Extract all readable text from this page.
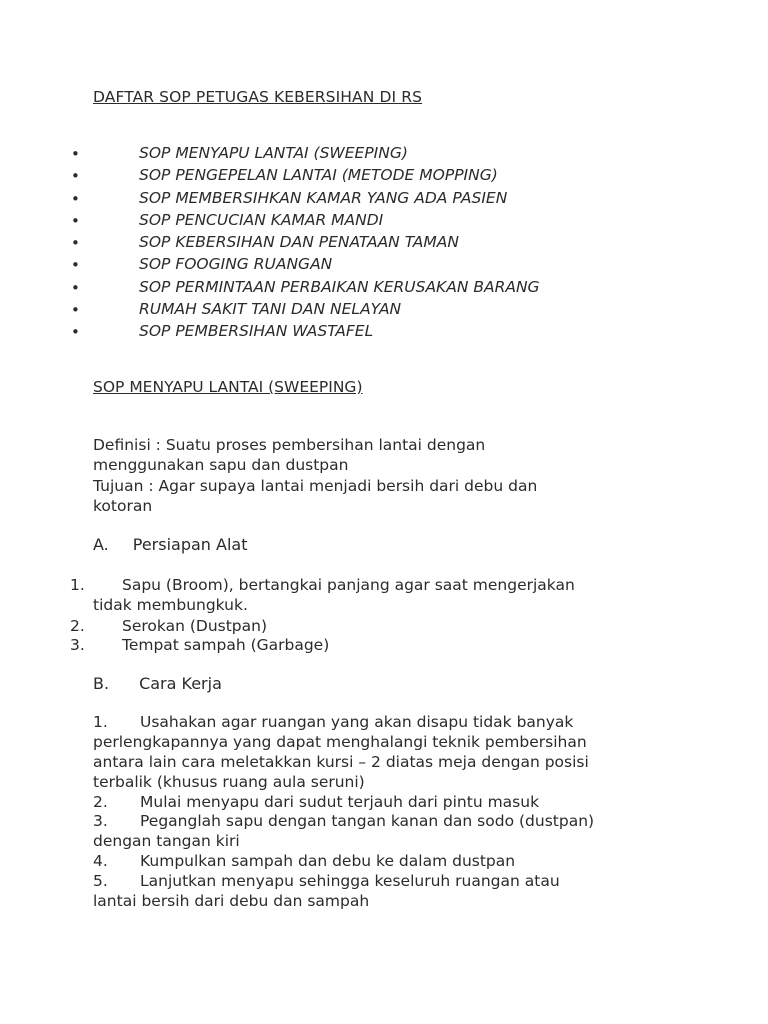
DAFTAR SOP PETUGAS KEBERSIHAN DI RS
•	SOP MENYAPU LANTAI (SWEEPING)
•	SOP PENGEPELAN LANTAI (METODE MOPPING)
•	SOP MEMBERSIHKAN KAMAR YANG ADA PASIEN
•	SOP PENCUCIAN KAMAR MANDI
•	SOP KEBERSIHAN DAN PENATAAN TAMAN
•	SOP FOOGING RUANGAN
•	SOP PERMINTAAN PERBAIKAN KERUSAKAN BARANG
•	RUMAH SAKIT TANI DAN NELAYAN
•	SOP PEMBERSIHAN WASTAFEL
SOP MENYAPU LANTAI (SWEEPING)
Definisi : Suatu proses pembersihan lantai dengan
menggunakan sapu dan dustpan
Tujuan : Agar supaya lantai menjadi bersih dari debu dan
kotoran
A. Persiapan Alat
1. Sapu (Broom), bertangkai panjang agar saat mengerjakan
tidak membungkuk.
2. Serokan (Dustpan)
3. Tempat sampah (Garbage)
B. Cara Kerja
1. Usahakan agar ruangan yang akan disapu tidak banyak
perlengkapannya yang dapat menghalangi teknik pembersihan
antara lain cara meletakkan kursi – 2 diatas meja dengan posisi
terbalik (khusus ruang aula seruni)
2. Mulai menyapu dari sudut terjauh dari pintu masuk
3. Peganglah sapu dengan tangan kanan dan sodo (dustpan)
dengan tangan kiri
4. Kumpulkan sampah dan debu ke dalam dustpan
5. Lanjutkan menyapu sehingga keseluruh ruangan atau
lantai bersih dari debu dan sampah
